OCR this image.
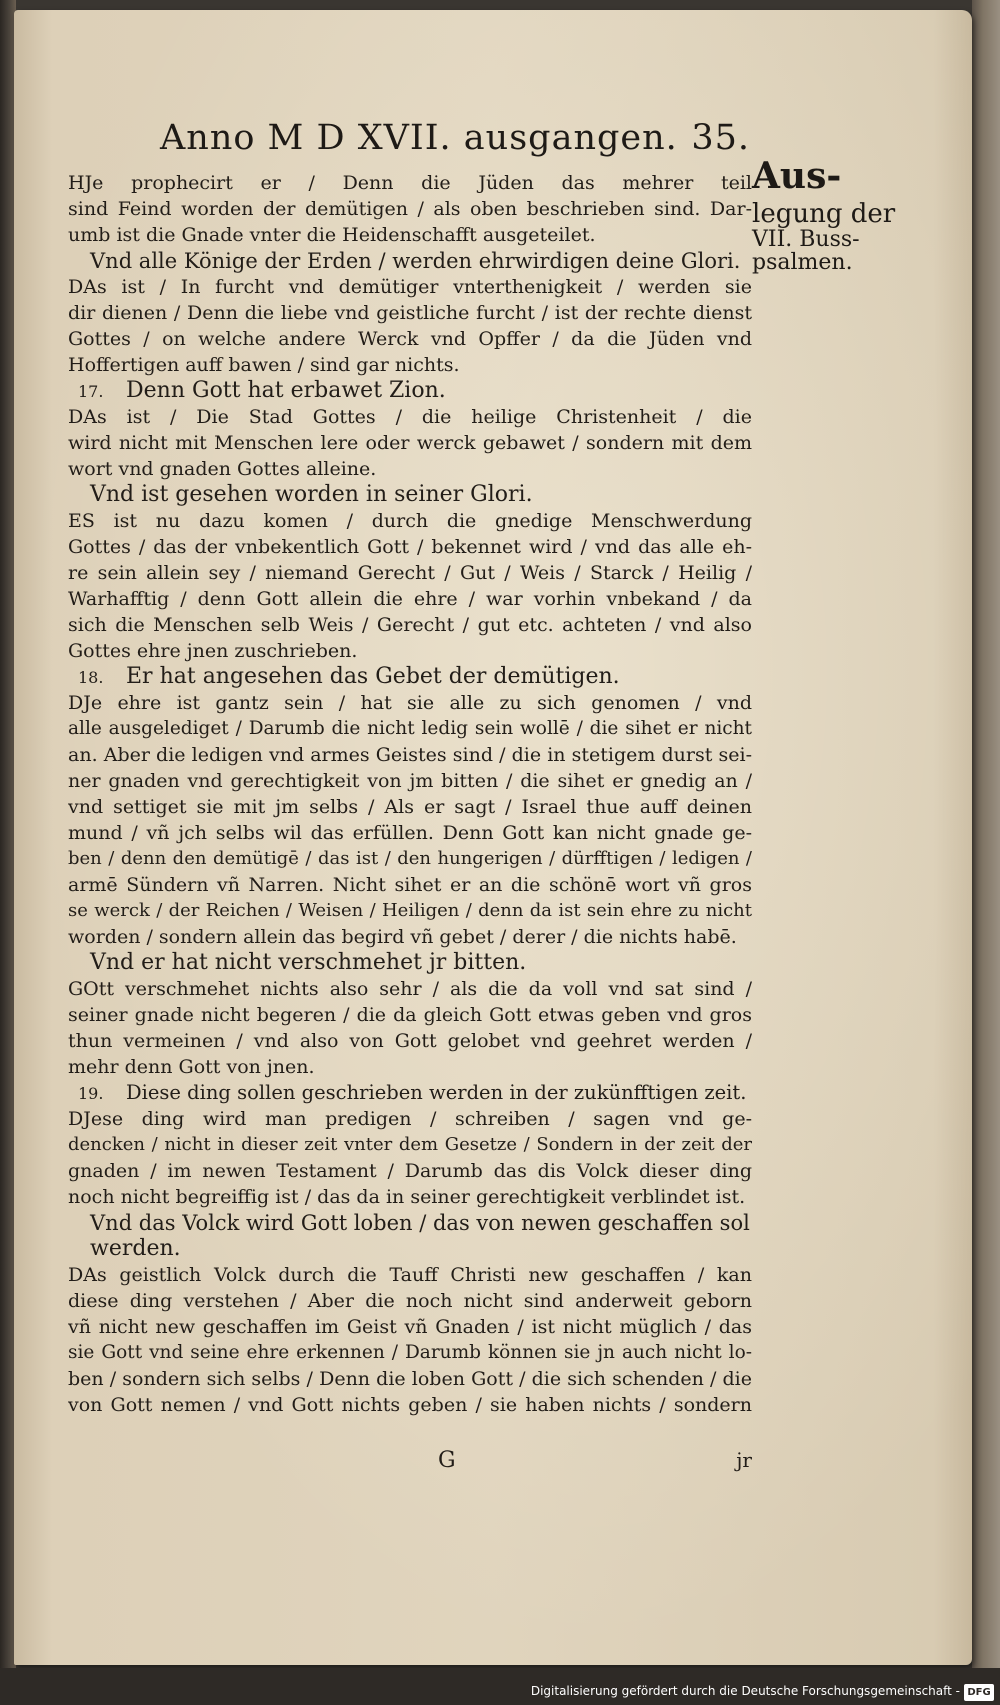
Anno M D XVII. ausgangen. 35.
Aus-
legung der
VII. Buss-
psalmen.
HJe prophecirt er / Denn die Jüden das mehrer teil
sind Feind worden der demütigen / als oben beschrieben sind. Dar-
umb ist die Gnade vnter die Heidenschafft ausgeteilet.
Vnd alle Könige der Erden / werden ehrwirdigen deine Glori.
DAs ist / In furcht vnd demütiger vnterthenigkeit / werden sie
dir dienen / Denn die liebe vnd geistliche furcht / ist der rechte dienst
Gottes / on welche andere Werck vnd Opffer / da die Jüden vnd
Hoffertigen auff bawen / sind gar nichts.
17. Denn Gott hat erbawet Zion.
DAs ist / Die Stad Gottes / die heilige Christenheit / die
wird nicht mit Menschen lere oder werck gebawet / sondern mit dem
wort vnd gnaden Gottes alleine.
Vnd ist gesehen worden in seiner Glori.
ES ist nu dazu komen / durch die gnedige Menschwerdung
Gottes / das der vnbekentlich Gott / bekennet wird / vnd das alle eh-
re sein allein sey / niemand Gerecht / Gut / Weis / Starck / Heilig /
Warhafftig / denn Gott allein die ehre / war vorhin vnbekand / da
sich die Menschen selb Weis / Gerecht / gut etc. achteten / vnd also
Gottes ehre jnen zuschrieben.
18. Er hat angesehen das Gebet der demütigen.
DJe ehre ist gantz sein / hat sie alle zu sich genomen / vnd
alle ausgelediget / Darumb die nicht ledig sein wollē / die sihet er nicht
an. Aber die ledigen vnd armes Geistes sind / die in stetigem durst sei-
ner gnaden vnd gerechtigkeit von jm bitten / die sihet er gnedig an /
vnd settiget sie mit jm selbs / Als er sagt / Israel thue auff deinen
mund / vñ jch selbs wil das erfüllen. Denn Gott kan nicht gnade ge-
ben / denn den demütigē / das ist / den hungerigen / dürfftigen / ledigen /
armē Sündern vñ Narren. Nicht sihet er an die schönē wort vñ gros
se werck / der Reichen / Weisen / Heiligen / denn da ist sein ehre zu nicht
worden / sondern allein das begird vñ gebet / derer / die nichts habē.
Vnd er hat nicht verschmehet jr bitten.
GOtt verschmehet nichts also sehr / als die da voll vnd sat sind /
seiner gnade nicht begeren / die da gleich Gott etwas geben vnd gros
thun vermeinen / vnd also von Gott gelobet vnd geehret werden /
mehr denn Gott von jnen.
19. Diese ding sollen geschrieben werden in der zukünfftigen zeit.
DJese ding wird man predigen / schreiben / sagen vnd ge-
dencken / nicht in dieser zeit vnter dem Gesetze / Sondern in der zeit der
gnaden / im newen Testament / Darumb das dis Volck dieser ding
noch nicht begreiffig ist / das da in seiner gerechtigkeit verblindet ist.
Vnd das Volck wird Gott loben / das von newen geschaffen sol
werden.
DAs geistlich Volck durch die Tauff Christi new geschaffen / kan
diese ding verstehen / Aber die noch nicht sind anderweit geborn
vñ nicht new geschaffen im Geist vñ Gnaden / ist nicht müglich / das
sie Gott vnd seine ehre erkennen / Darumb können sie jn auch nicht lo-
ben / sondern sich selbs / Denn die loben Gott / die sich schenden / die
von Gott nemen / vnd Gott nichts geben / sie haben nichts / sondern
G	jr
Digitalisierung gefördert durch die Deutsche Forschungsgemeinschaft - DFG
